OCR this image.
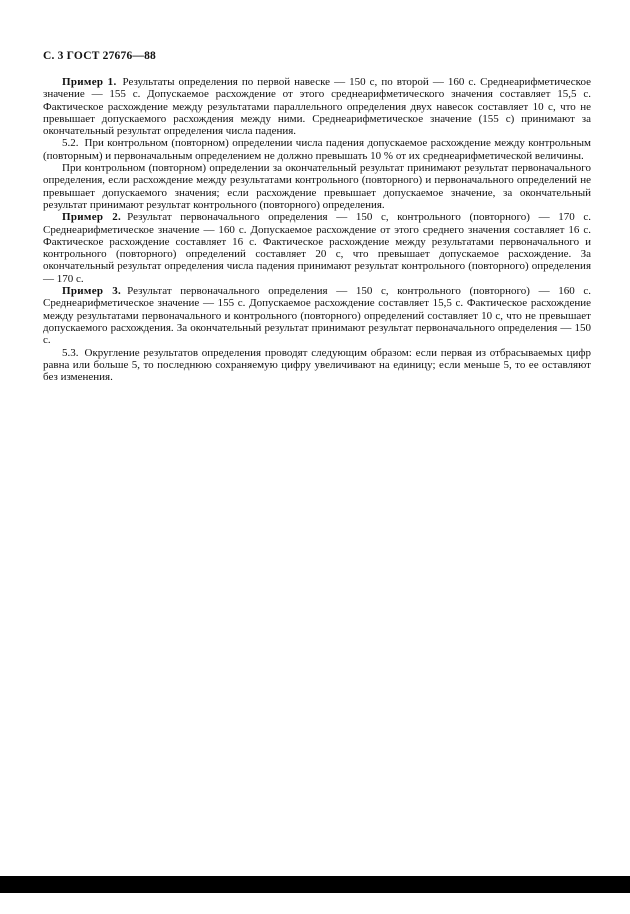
С. 3 ГОСТ 27676—88

Пример 1. Результаты определения по первой навеске — 150 с, по второй — 160 с. Среднеарифметическое значение — 155 с. Допускаемое расхождение от этого среднеарифметического значения составляет 15,5 с. Фактическое расхождение между результатами параллельного определения двух навесок составляет 10 с, что не превышает допускаемого расхождения между ними. Среднеарифметическое значение (155 с) принимают за окончательный результат определения числа падения.

5.2. При контрольном (повторном) определении числа падения допускаемое расхождение между контрольным (повторным) и первоначальным определением не должно превышать 10 % от их среднеарифметической величины.

При контрольном (повторном) определении за окончательный результат принимают результат первоначального определения, если расхождение между результатами контрольного (повторного) и первоначального определений не превышает допускаемого значения; если расхождение превышает допускаемое значение, за окончательный результат принимают результат контрольного (повторного) определения.

Пример 2. Результат первоначального определения — 150 с, контрольного (повторного) — 170 с. Среднеарифметическое значение — 160 с. Допускаемое расхождение от этого среднего значения составляет 16 с. Фактическое расхождение составляет 16 с. Фактическое расхождение между результатами первоначального и контрольного (повторного) определений составляет 20 с, что превышает допускаемое расхождение. За окончательный результат определения числа падения принимают результат контрольного (повторного) определения — 170 с.

Пример 3. Результат первоначального определения — 150 с, контрольного (повторного) — 160 с. Среднеарифметическое значение — 155 с. Допускаемое расхождение составляет 15,5 с. Фактическое расхождение между результатами первоначального и контрольного (повторного) определений составляет 10 с, что не превышает допускаемого расхождения. За окончательный результат принимают результат первоначального определения — 150 с.

5.3. Округление результатов определения проводят следующим образом: если первая из отбрасываемых цифр равна или больше 5, то последнюю сохраняемую цифру увеличивают на единицу; если меньше 5, то ее оставляют без изменения.
